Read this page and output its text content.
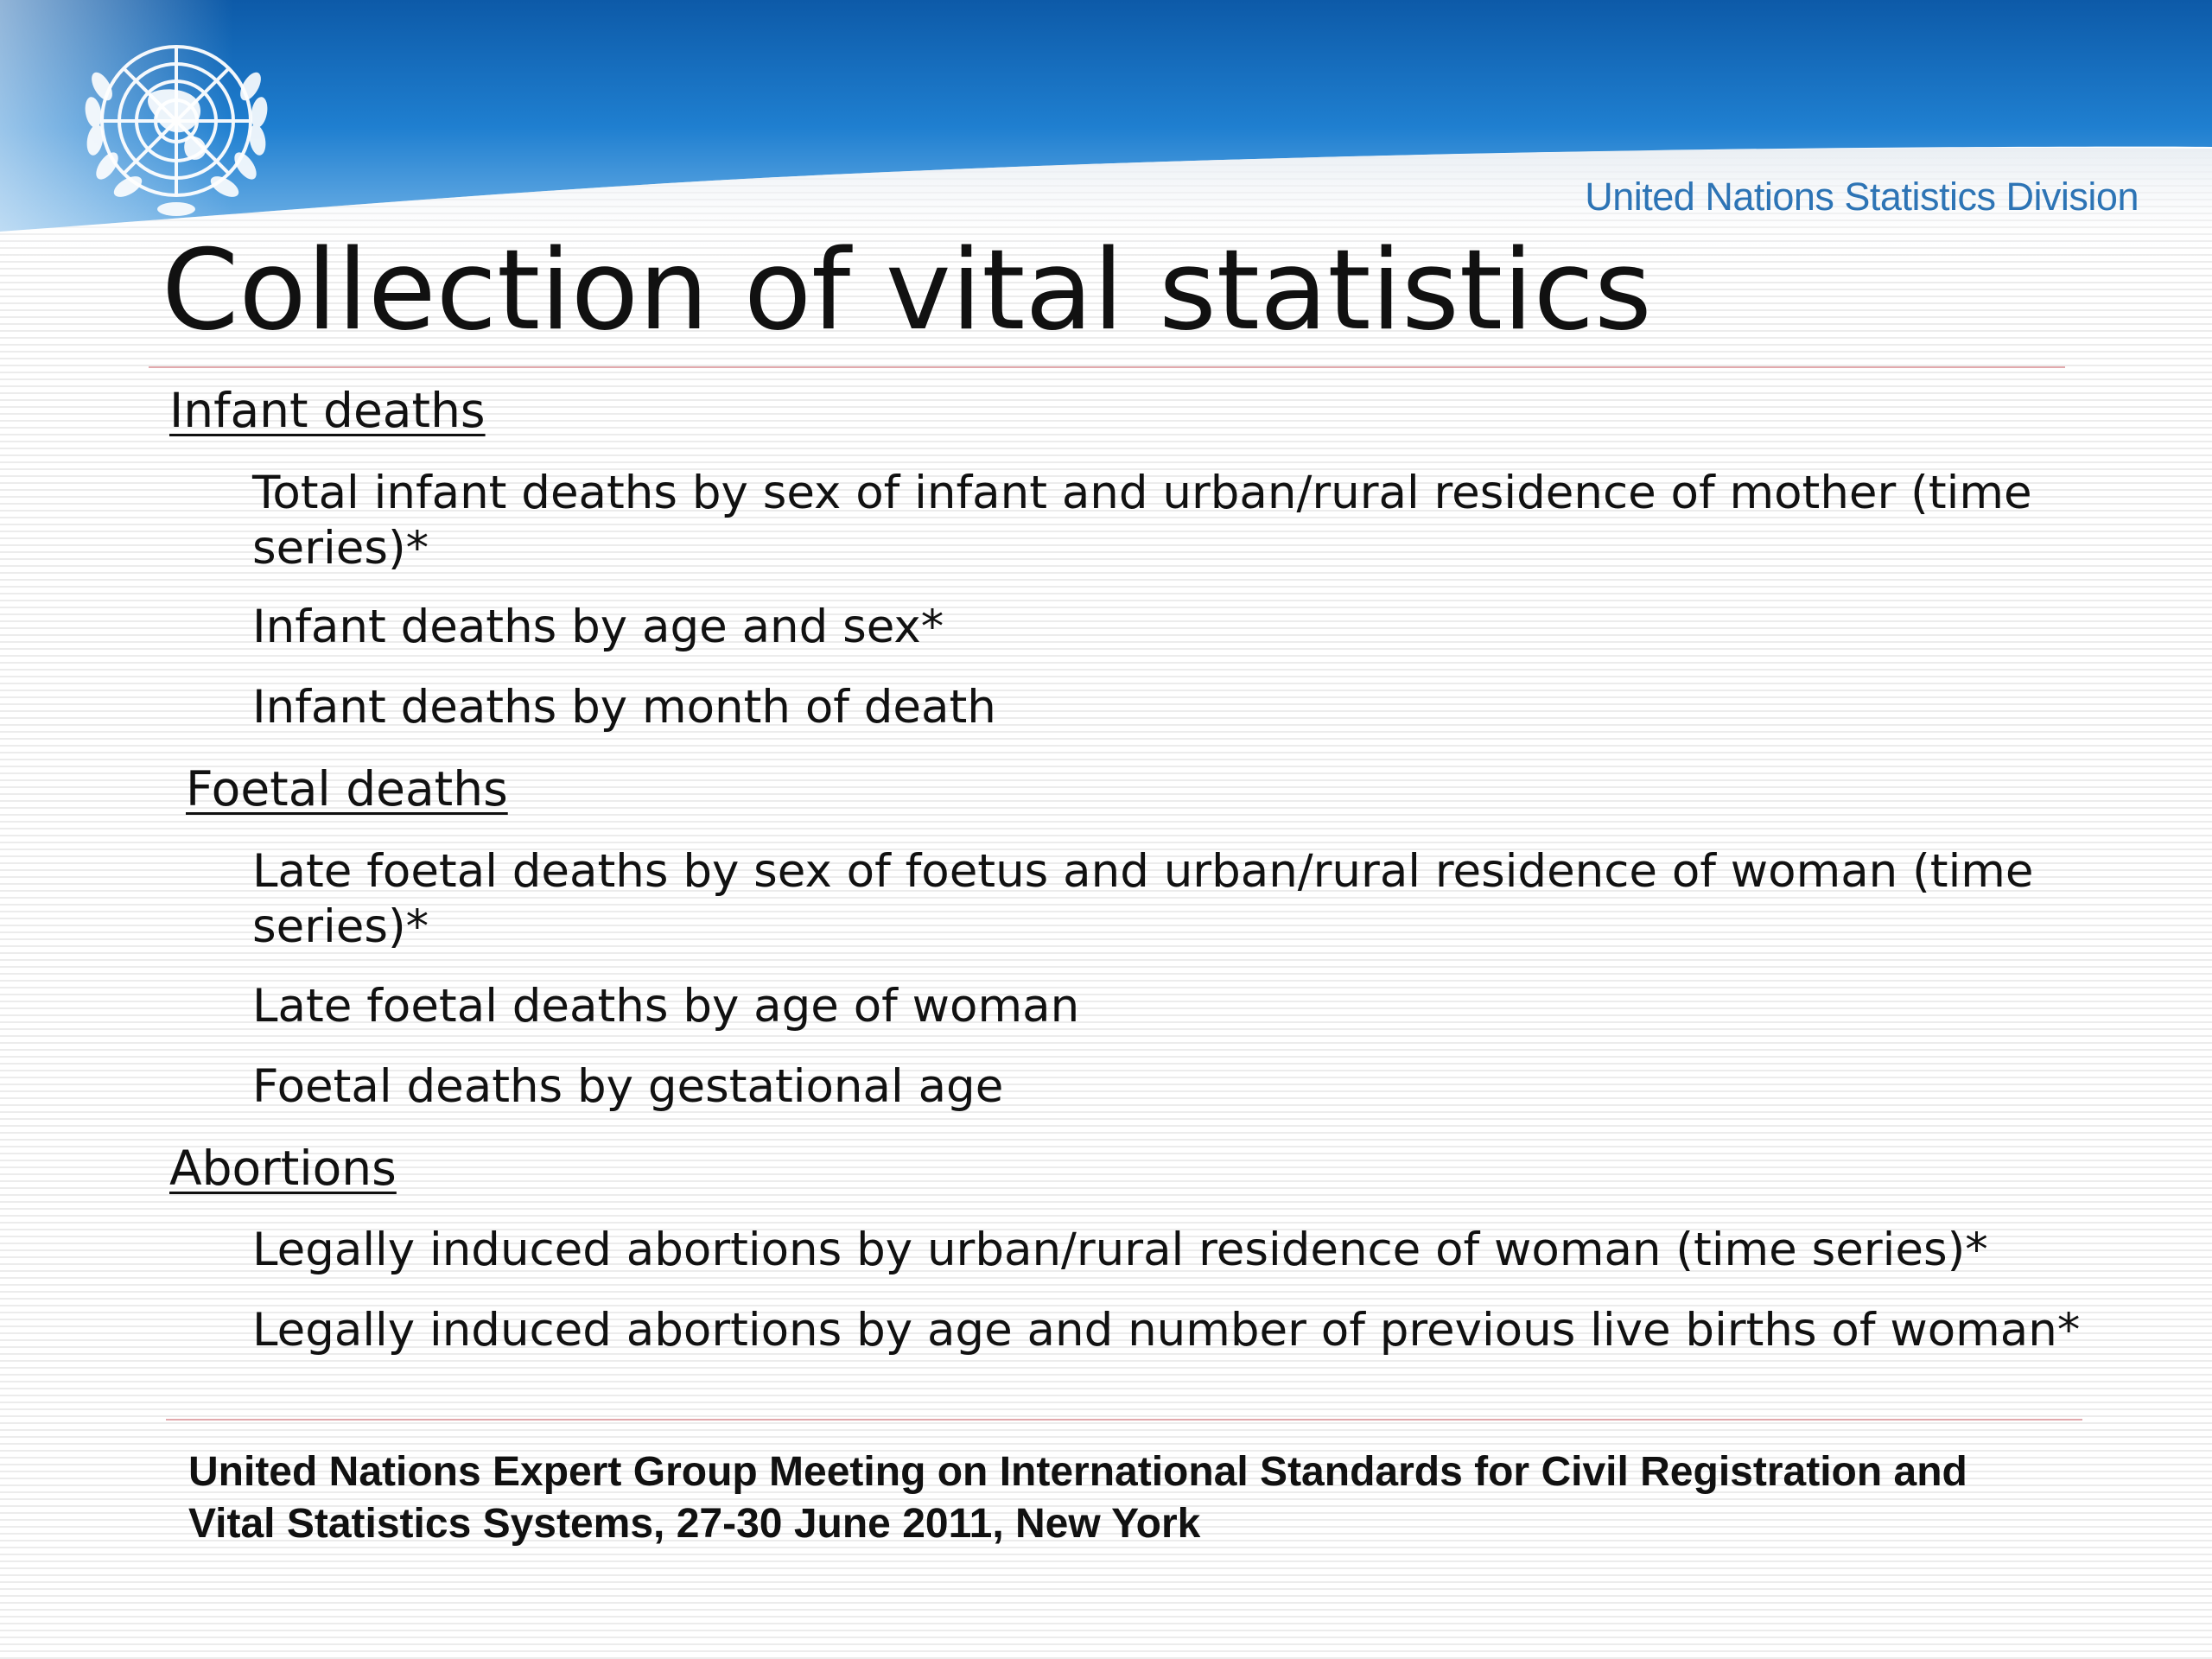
United Nations Statistics Division
Collection of vital statistics
Infant deaths
Total infant deaths by sex of infant and urban/rural residence of mother (time series)*
Infant deaths by age and sex*
Infant deaths by month of death
Foetal deaths
Late foetal deaths by sex of foetus and urban/rural residence of woman (time series)*
Late foetal deaths by age of woman
Foetal deaths by gestational age
Abortions
Legally induced abortions by urban/rural residence of woman (time series)*
Legally induced abortions by age and number of previous live births of woman*
United Nations Expert Group Meeting on International Standards for Civil Registration and
Vital Statistics Systems, 27-30 June 2011, New York
